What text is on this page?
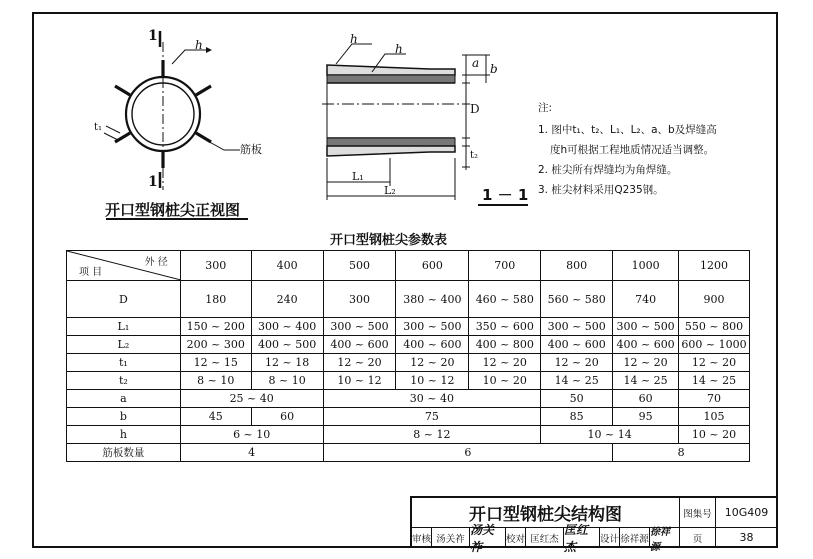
1
1
h
t₁
筋板
开口型钢桩尖正视图
h
h
a b
D
t₂
L₁
L₂	1 － 1
注:
1. 图中t₁、t₂、L₁、L₂、a、b及焊缝高
度h可根据工程地质情况适当调整。
2. 桩尖所有焊缝均为角焊缝。
3. 桩尖材料采用Q235钢。
开口型钢桩尖参数表
外 径
项 目	300	400	500	600	700	800	1000	1200
D	180	240	300	380 ~ 400	460 ~ 580	560 ~ 580	740	900
L₁	150 ~ 200	300 ~ 400	300 ~ 500	300 ~ 500	350 ~ 600	300 ~ 500	300 ~ 500	550 ~ 800
L₂	200 ~ 300	400 ~ 500	400 ~ 600	400 ~ 600	400 ~ 800	400 ~ 600	400 ~ 600	600 ~ 1000
t₁	12 ~ 15	12 ~ 18	12 ~ 20	12 ~ 20	12 ~ 20	12 ~ 20	12 ~ 20	12 ~ 20
t₂	8 ~ 10	8 ~ 10	10 ~ 12	10 ~ 12	10 ~ 20	14 ~ 25	14 ~ 25	14 ~ 25
a	25 ~ 40		30 ~ 40			50	60	70
b	45	60	75			85	95	105
h	6 ~ 10		8 ~ 12			10 ~ 14		10 ~ 20
筋板数量	4		6				8	
开口型钢桩尖结构图	图集号	10G409
审核 汤关祚
汤关祚
校对 匡红杰
匡红杰
设计 徐祥源
徐祥源
页	38
